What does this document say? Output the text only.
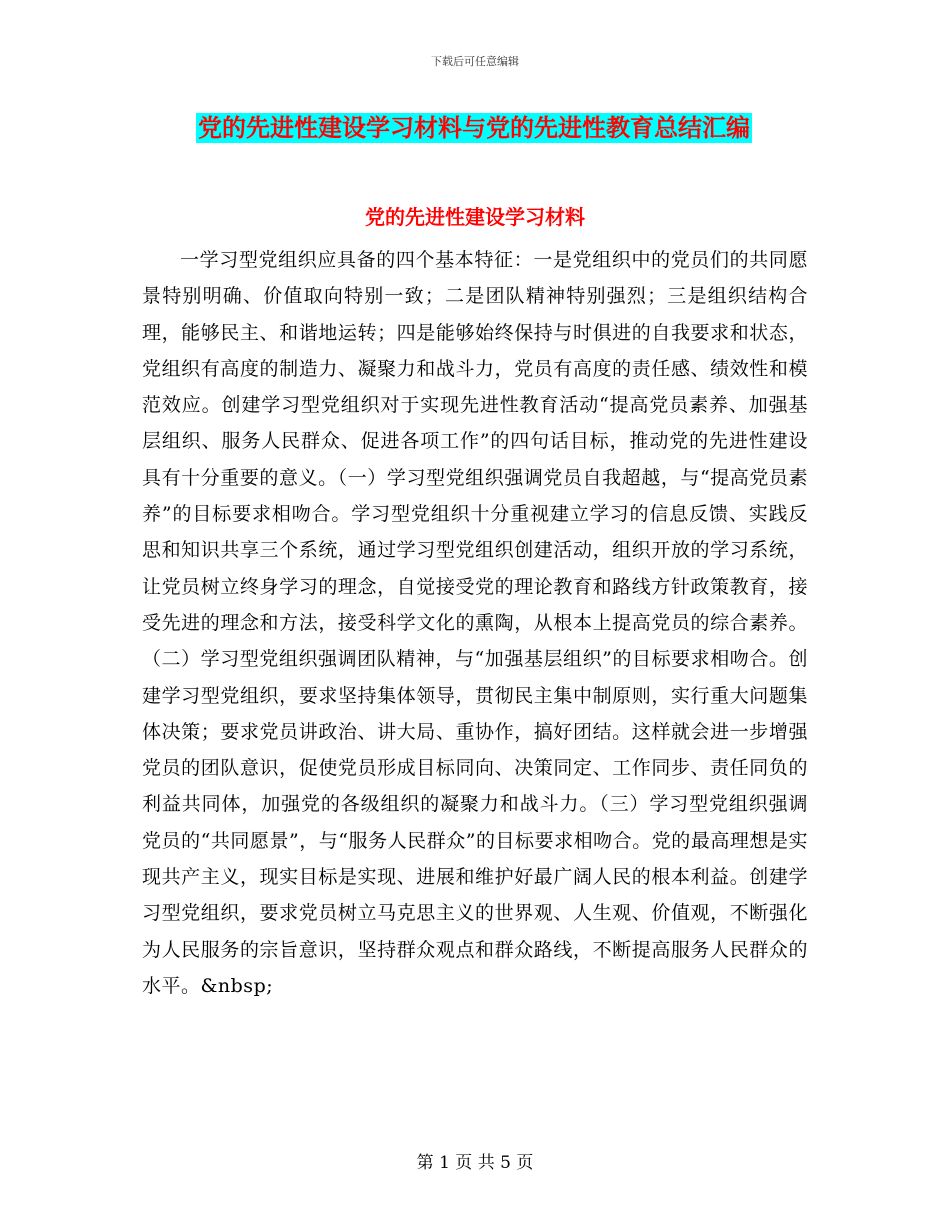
下载后可任意编辑
党的先进性建设学习材料与党的先进性教育总结汇编
党的先进性建设学习材料

一学习型党组织应具备的四个基本特征：一是党组织中的党员们的共同愿景特别明确、价值取向特别一致；二是团队精神特别强烈；三是组织结构合理，能够民主、和谐地运转；四是能够始终保持与时俱进的自我要求和状态，党组织有高度的制造力、凝聚力和战斗力，党员有高度的责任感、绩效性和模范效应。创建学习型党组织对于实现先进性教育活动“提高党员素养、加强基层组织、服务人民群众、促进各项工作”的四句话目标，推动党的先进性建设具有十分重要的意义。（一）学习型党组织强调党员自我超越，与“提高党员素养”的目标要求相吻合。学习型党组织十分重视建立学习的信息反馈、实践反思和知识共享三个系统，通过学习型党组织创建活动，组织开放的学习系统，让党员树立终身学习的理念，自觉接受党的理论教育和路线方针政策教育，接受先进的理念和方法，接受科学文化的熏陶，从根本上提高党员的综合素养。（二）学习型党组织强调团队精神，与“加强基层组织”的目标要求相吻合。创建学习型党组织，要求坚持集体领导，贯彻民主集中制原则，实行重大问题集体决策；要求党员讲政治、讲大局、重协作，搞好团结。这样就会进一步增强党员的团队意识，促使党员形成目标同向、决策同定、工作同步、责任同负的利益共同体，加强党的各级组织的凝聚力和战斗力。（三）学习型党组织强调党员的“共同愿景”，与“服务人民群众”的目标要求相吻合。党的最高理想是实现共产主义，现实目标是实现、进展和维护好最广阔人民的根本利益。创建学习型党组织，要求党员树立马克思主义的世界观、人生观、价值观，不断强化为人民服务的宗旨意识，坚持群众观点和群众路线，不断提高服务人民群众的水平。&nbsp;

第 1 页 共 5 页
